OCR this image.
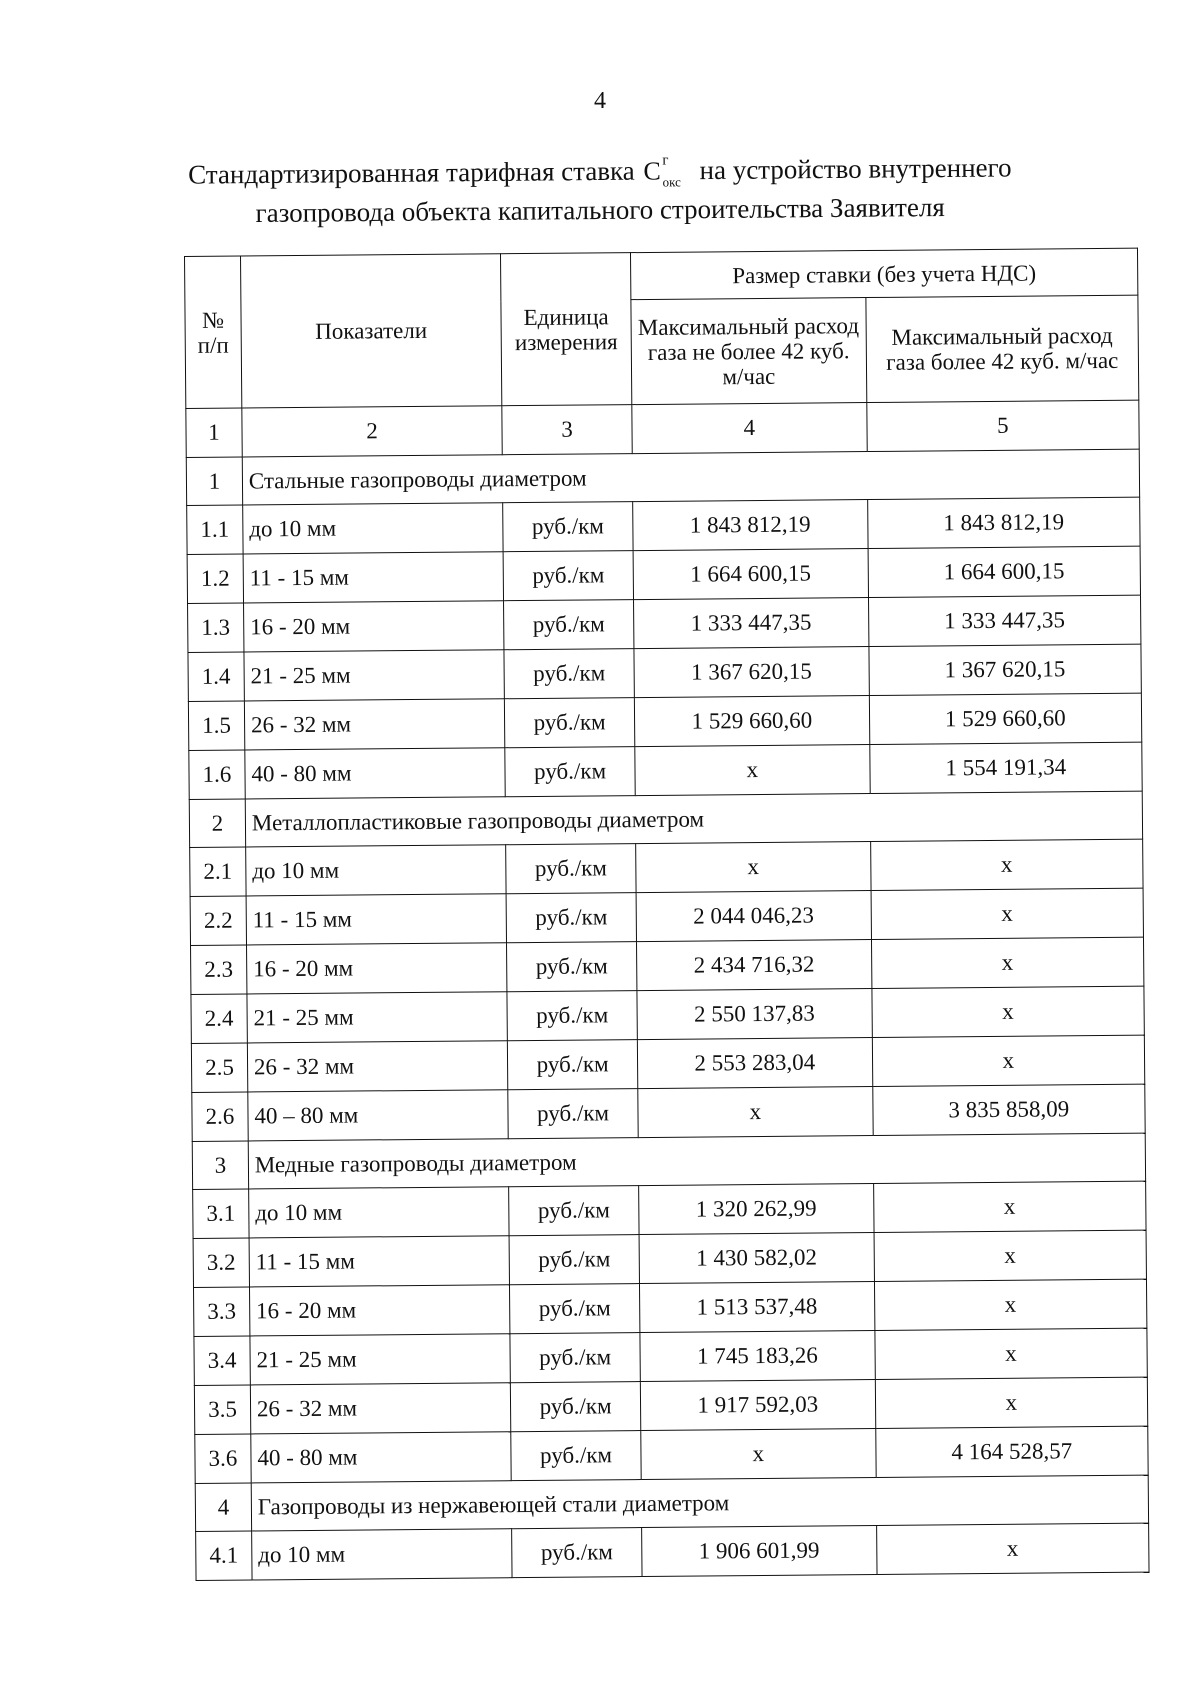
4
Стандартизированная тарифная ставка С г
окс на устройство внутреннего
газопровода объекта капитального строительства Заявителя
№ п/п	Показатели	Единица измерения	Размер ставки (без учета НДС)	
			Максимальный расход газа не более 42 куб. м/час	Максимальный расход газа более 42 куб. м/час
1	2	3	4	5
1	Стальные газопроводы диаметром			
1.1	до 10 мм	руб./км	1 843 812,19	1 843 812,19
1.2	11 - 15 мм	руб./км	1 664 600,15	1 664 600,15
1.3	16 - 20 мм	руб./км	1 333 447,35	1 333 447,35
1.4	21 - 25 мм	руб./км	1 367 620,15	1 367 620,15
1.5	26 - 32 мм	руб./км	1 529 660,60	1 529 660,60
1.6	40 - 80 мм	руб./км	x	1 554 191,34
2	Металлопластиковые газопроводы диаметром			
2.1	до 10 мм	руб./км	x	x
2.2	11 - 15 мм	руб./км	2 044 046,23	x
2.3	16 - 20 мм	руб./км	2 434 716,32	x
2.4	21 - 25 мм	руб./км	2 550 137,83	x
2.5	26 - 32 мм	руб./км	2 553 283,04	x
2.6	40 – 80 мм	руб./км	x	3 835 858,09
3	Медные газопроводы диаметром			
3.1	до 10 мм	руб./км	1 320 262,99	x
3.2	11 - 15 мм	руб./км	1 430 582,02	x
3.3	16 - 20 мм	руб./км	1 513 537,48	x
3.4	21 - 25 мм	руб./км	1 745 183,26	x
3.5	26 - 32 мм	руб./км	1 917 592,03	x
3.6	40 - 80 мм	руб./км	x	4 164 528,57
4	Газопроводы из нержавеющей стали диаметром			
4.1	до 10 мм	руб./км	1 906 601,99	x
